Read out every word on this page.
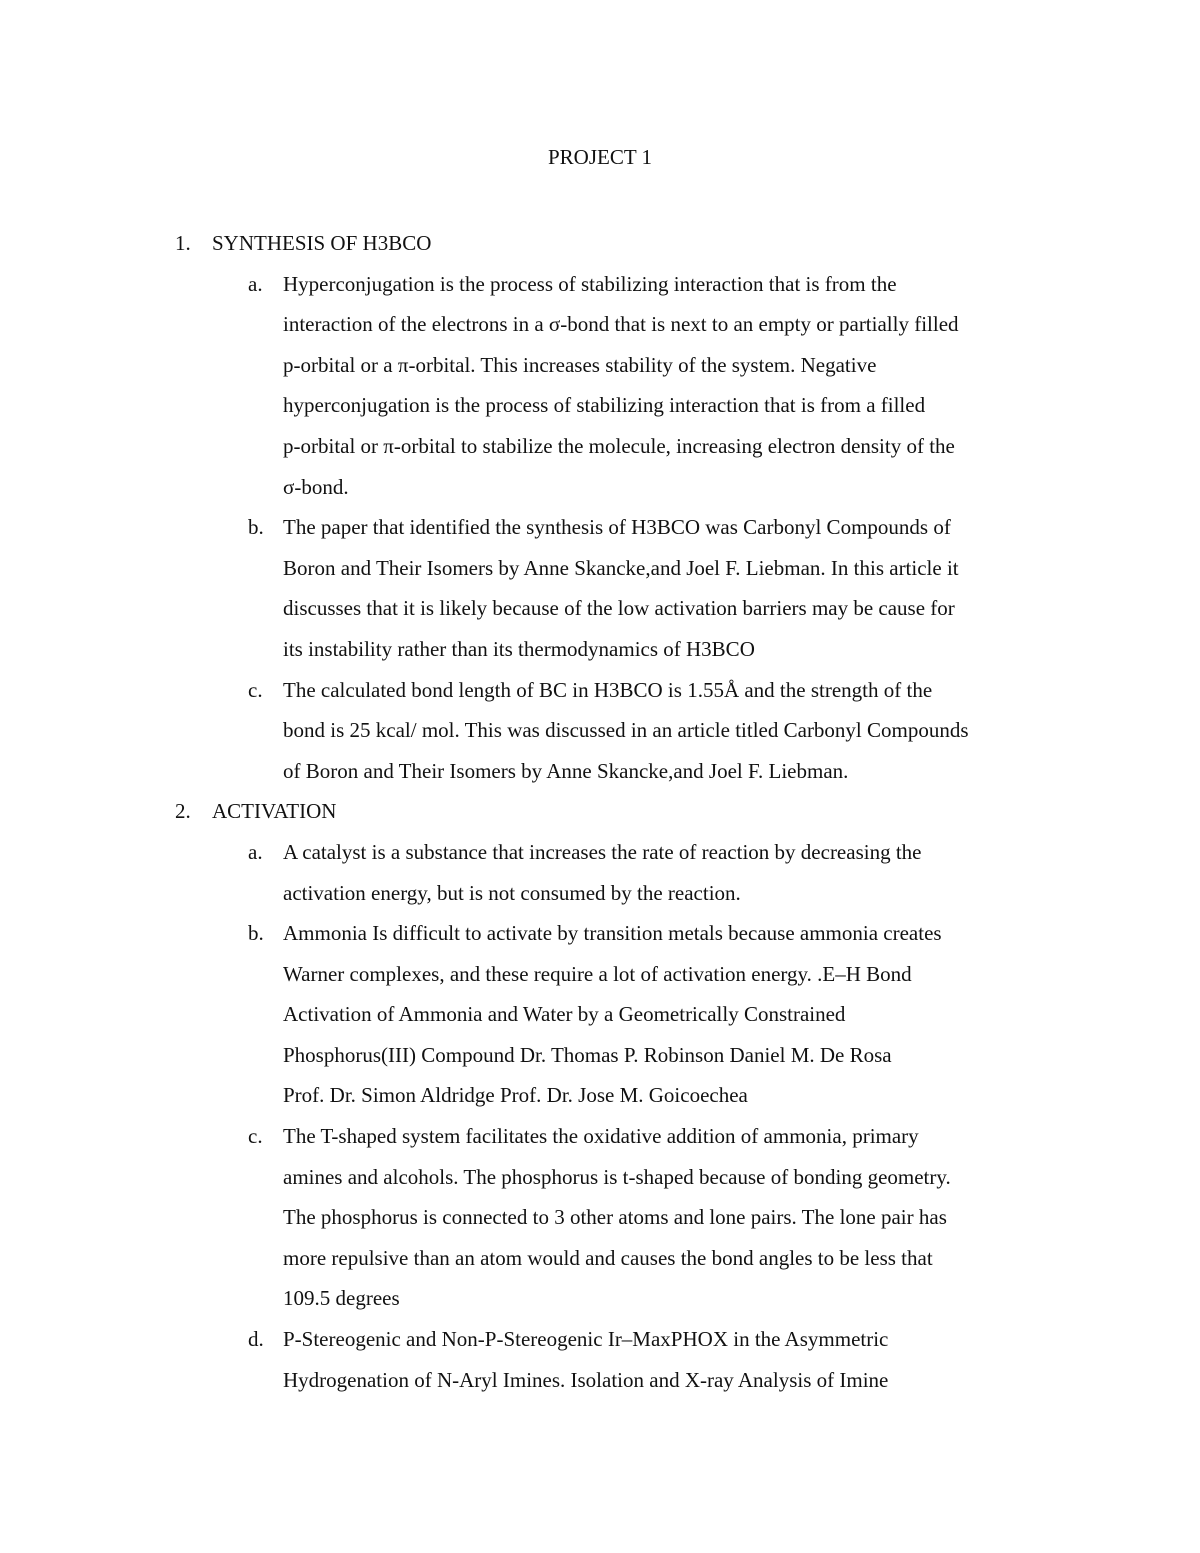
PROJECT 1
1. SYNTHESIS OF H3BCO
a. Hyperconjugation is the process of stabilizing interaction that is from the
interaction of the electrons in a σ-bond that is next to an empty or partially filled
p-orbital or a π-orbital. This increases stability of the system. Negative
hyperconjugation is the process of stabilizing interaction that is from a filled
p-orbital or π-orbital to stabilize the molecule, increasing electron density of the
σ-bond.
b. The paper that identified the synthesis of H3BCO was Carbonyl Compounds of
Boron and Their Isomers by Anne Skancke,and Joel F. Liebman. In this article it
discusses that it is likely because of the low activation barriers may be cause for
its instability rather than its thermodynamics of H3BCO
c. The calculated bond length of BC in H3BCO is 1.55Å and the strength of the
bond is 25 kcal/ mol. This was discussed in an article titled Carbonyl Compounds
of Boron and Their Isomers by Anne Skancke,and Joel F. Liebman.
2. ACTIVATION
a. A catalyst is a substance that increases the rate of reaction by decreasing the
activation energy, but is not consumed by the reaction.
b. Ammonia Is difficult to activate by transition metals because ammonia creates
Warner complexes, and these require a lot of activation energy. .E–H Bond
Activation of Ammonia and Water by a Geometrically Constrained
Phosphorus(III) Compound Dr. Thomas P. Robinson Daniel M. De Rosa
Prof. Dr. Simon Aldridge Prof. Dr. Jose M. Goicoechea
c. The T-shaped system facilitates the oxidative addition of ammonia, primary
amines and alcohols. The phosphorus is t-shaped because of bonding geometry.
The phosphorus is connected to 3 other atoms and lone pairs. The lone pair has
more repulsive than an atom would and causes the bond angles to be less that
109.5 degrees
d. P-Stereogenic and Non-P-Stereogenic Ir–MaxPHOX in the Asymmetric
Hydrogenation of N-Aryl Imines. Isolation and X-ray Analysis of Imine
